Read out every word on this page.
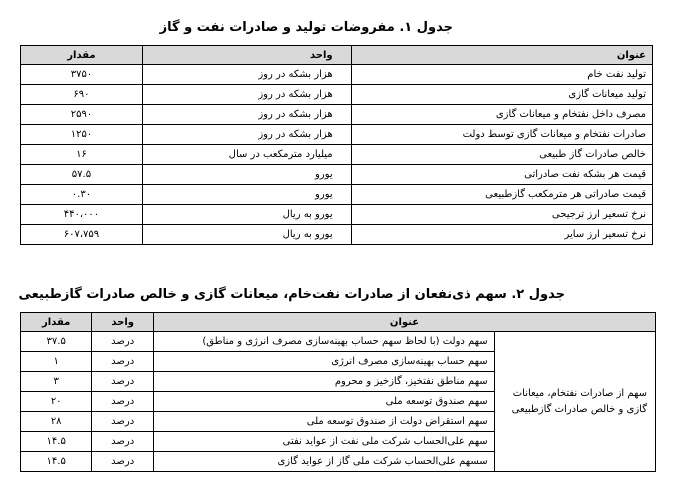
جدول ۱. مفروضات تولید و صادرات نفت و گاز
عنوان	واحد	مقدار
تولید نفت خام	هزار بشکه در روز	۳۷۵۰
تولید میعانات گازی	هزار بشکه در روز	۶۹۰
مصرف داخل نفتخام و میعانات گازی	هزار بشکه در روز	۲۵۹۰
صادرات نفتخام و میعانات گازی توسط دولت	هزار بشکه در روز	۱۲۵۰
خالص صادرات گاز طبیعی	میلیارد مترمکعب در سال	۱۶
قیمت هر بشکه نفت صادراتی	یورو	۵۷.۵
قیمت صادراتی هر مترمکعب گازطبیعی	یورو	۰.۳۰
نرخ تسعیر ارز ترجیحی	یورو به ریال	۴۴۰،۰۰۰
نرخ تسعیر ارز سایر	یورو به ریال	۶۰۷،۷۵۹
جدول ۲. سهم ذی‌نفعان از صادرات نفت‌خام، میعانات گازی و خالص صادرات گازطبیعی
عنوان		واحد	مقدار
سهم از صادرات نفتخام، میعانات گازی و خالص صادرات گازطبیعی	سهم دولت (با لحاظ سهم حساب بهینه‌سازی مصرف انرژی و مناطق)	درصد	۳۷.۵
	سهم حساب بهینه‌سازی مصرف انرژی	درصد	۱
	سهم مناطق نفتخیز، گازخیز و محروم	درصد	۳
	سهم صندوق توسعه ملی	درصد	۲۰
	سهم استقراض دولت از صندوق توسعه ملی	درصد	۲۸
	سهم علی‌الحساب شرکت ملی نفت از عواید نفتی	درصد	۱۴.۵
	سسهم علی‌الحساب شرکت ملی گاز از عواید گازی	درصد	۱۴.۵
